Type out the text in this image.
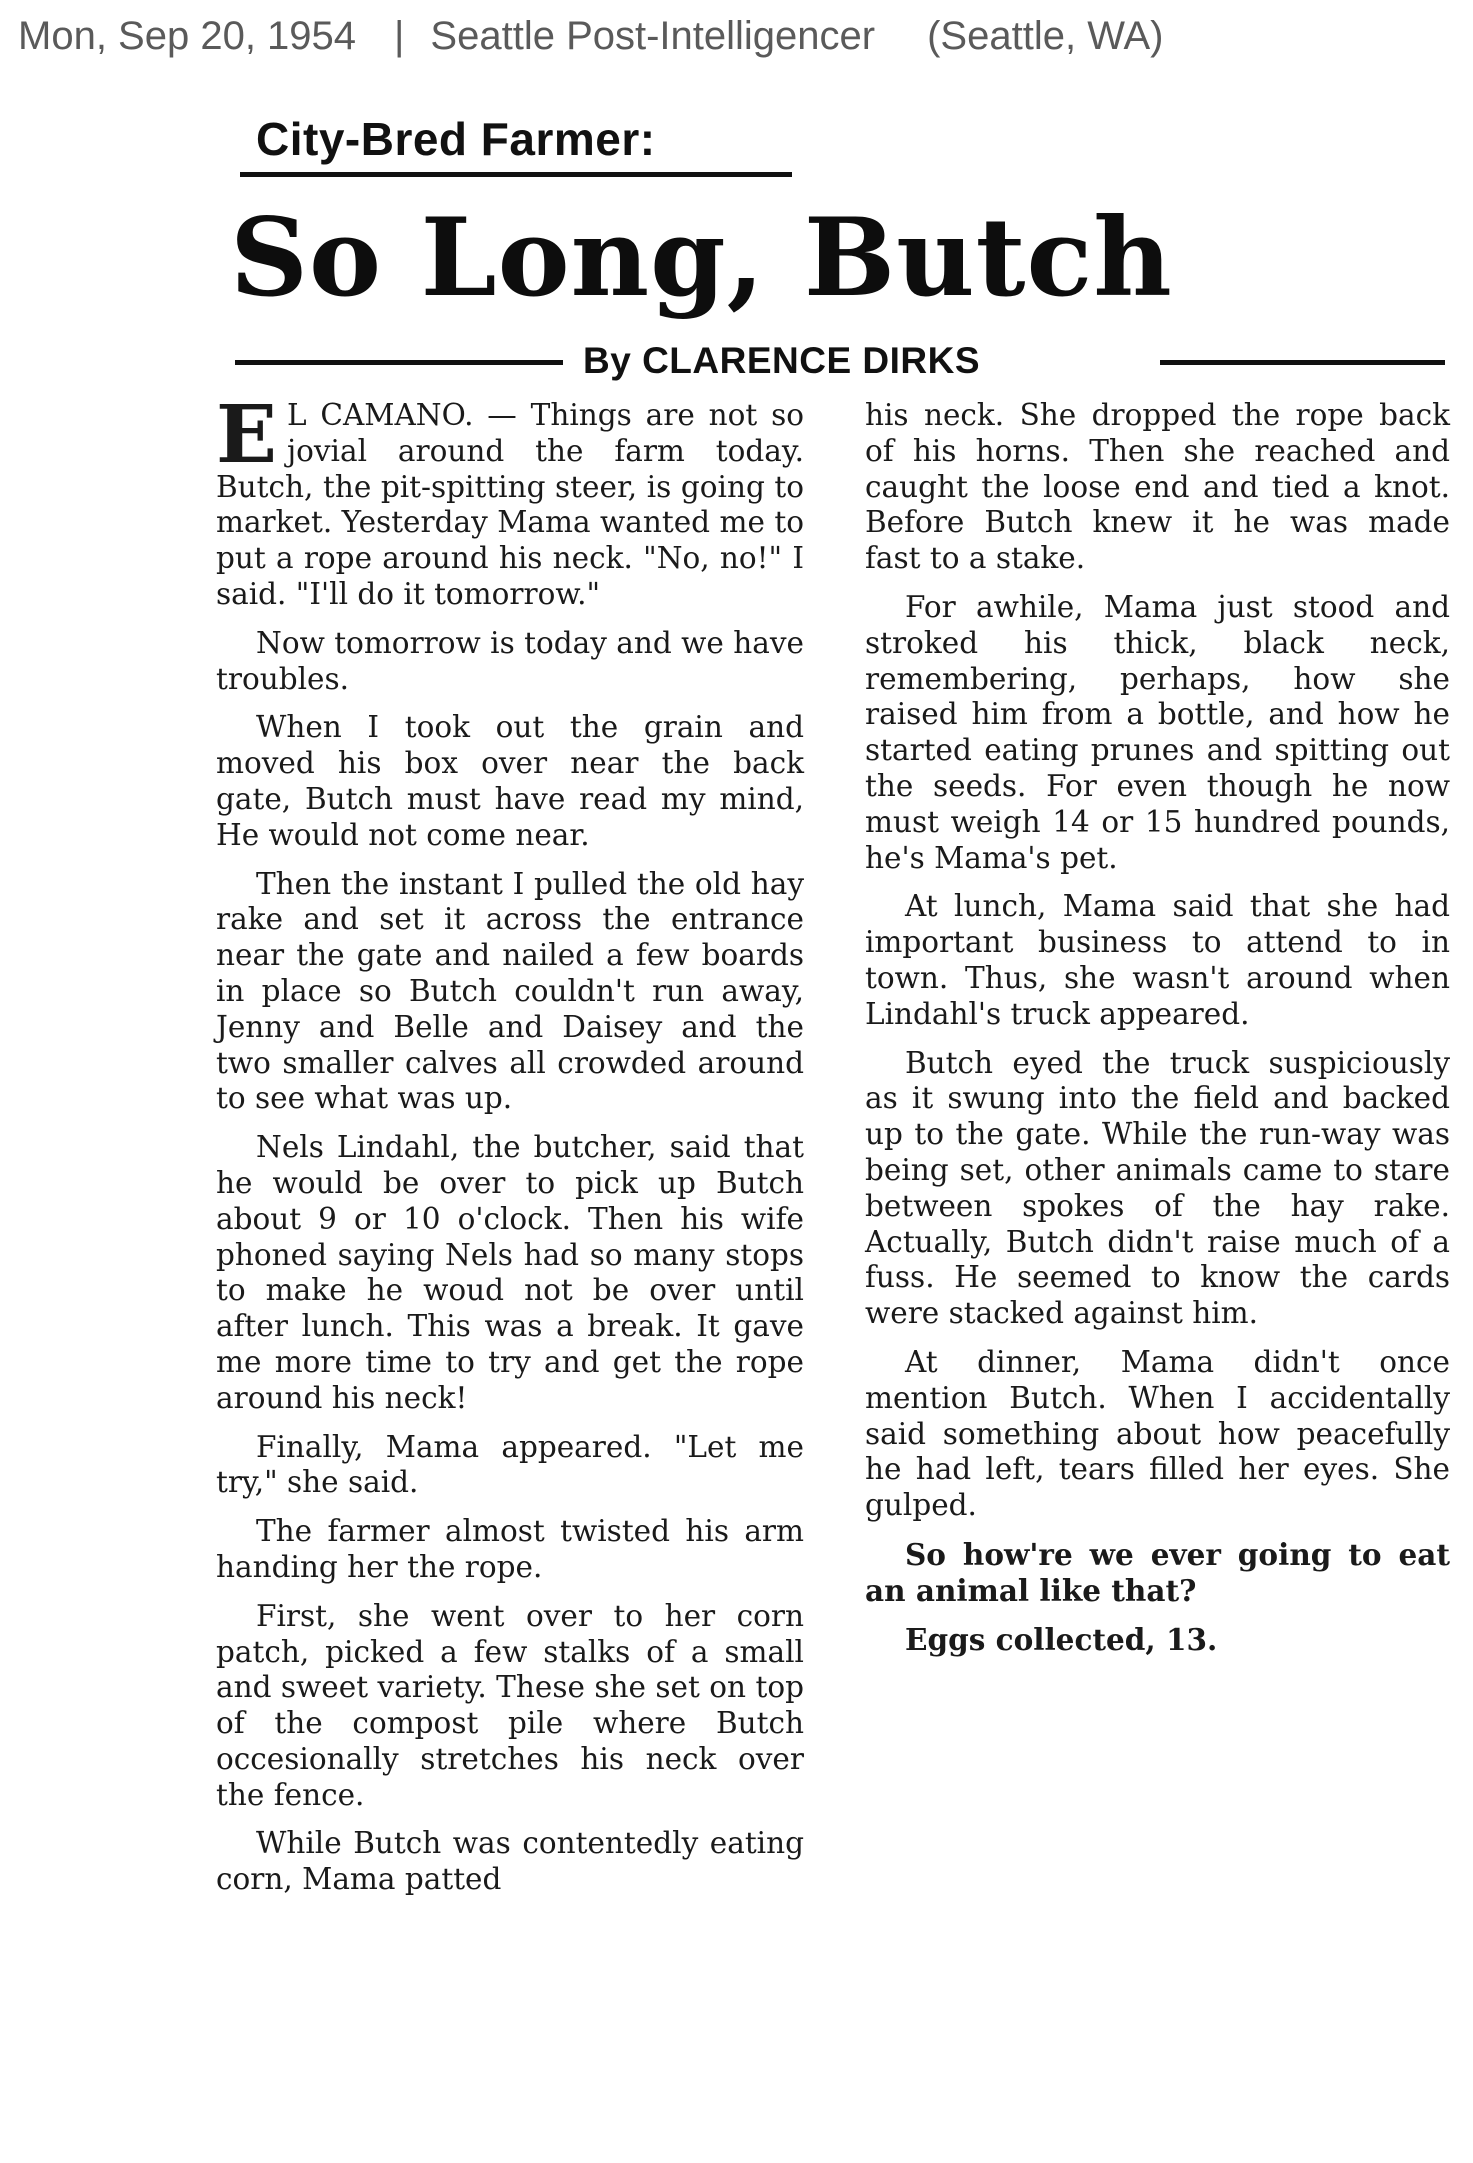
Mon, Sep 20, 1954 | Seattle Post-Intelligencer (Seattle, WA)
City-Bred Farmer:
So Long, Butch
By CLARENCE DIRKS

E L CAMANO. — Things are not so jovial around the farm today. Butch, the pit-spitting steer, is going to market. Yesterday Mama wanted me to put a rope around his neck. "No, no!" I said. "I'll do it tomorrow."

Now tomorrow is today and we have troubles.

When I took out the grain and moved his box over near the back gate, Butch must have read my mind, He would not come near.

Then the instant I pulled the old hay rake and set it across the entrance near the gate and nailed a few boards in place so Butch couldn't run away, Jenny and Belle and Daisey and the two smaller calves all crowded around to see what was up.

Nels Lindahl, the butcher, said that he would be over to pick up Butch about 9 or 10 o'clock. Then his wife phoned saying Nels had so many stops to make he woud not be over until after lunch. This was a break. It gave me more time to try and get the rope around his neck!

Finally, Mama appeared. "Let me try," she said.

The farmer almost twisted his arm handing her the rope.

First, she went over to her corn patch, picked a few stalks of a small and sweet variety. These she set on top of the compost pile where Butch occesionally stretches his neck over the fence.

While Butch was contentedly eating corn, Mama patted

his neck. She dropped the rope back of his horns. Then she reached and caught the loose end and tied a knot. Before Butch knew it he was made fast to a stake.

For awhile, Mama just stood and stroked his thick, black neck, remembering, perhaps, how she raised him from a bottle, and how he started eating prunes and spitting out the seeds. For even though he now must weigh 14 or 15 hundred pounds, he's Mama's pet.

At lunch, Mama said that she had important business to attend to in town. Thus, she wasn't around when Lindahl's truck appeared.

Butch eyed the truck suspiciously as it swung into the field and backed up to the gate. While the run-way was being set, other animals came to stare between spokes of the hay rake. Actually, Butch didn't raise much of a fuss. He seemed to know the cards were stacked against him.

At dinner, Mama didn't once mention Butch. When I accidentally said something about how peacefully he had left, tears filled her eyes. She gulped.

So how're we ever going to eat an animal like that?

Eggs collected, 13.
